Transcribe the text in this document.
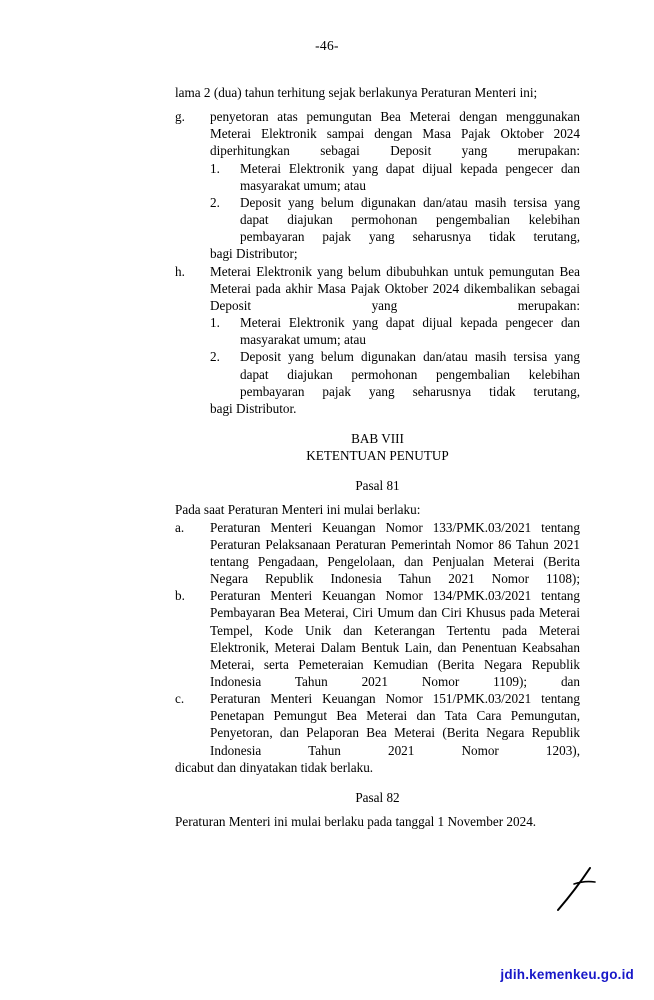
-46-
lama 2 (dua) tahun terhitung sejak berlakunya Peraturan Menteri ini;
g.	penyetoran atas pemungutan Bea Meterai dengan menggunakan Meterai Elektronik sampai dengan Masa Pajak Oktober 2024 diperhitungkan sebagai Deposit yang merupakan:
1.	Meterai Elektronik yang dapat dijual kepada pengecer dan masyarakat umum; atau
2.	Deposit yang belum digunakan dan/atau masih tersisa yang dapat diajukan permohonan pengembalian kelebihan pembayaran pajak yang seharusnya tidak terutang,
bagi Distributor;
h.	Meterai Elektronik yang belum dibubuhkan untuk pemungutan Bea Meterai pada akhir Masa Pajak Oktober 2024 dikembalikan sebagai Deposit yang merupakan:
1.	Meterai Elektronik yang dapat dijual kepada pengecer dan masyarakat umum; atau
2.	Deposit yang belum digunakan dan/atau masih tersisa yang dapat diajukan permohonan pengembalian kelebihan pembayaran pajak yang seharusnya tidak terutang,
bagi Distributor.
BAB VIII
KETENTUAN PENUTUP
Pasal 81
Pada saat Peraturan Menteri ini mulai berlaku:
a.	Peraturan Menteri Keuangan Nomor 133/PMK.03/2021 tentang Peraturan Pelaksanaan Peraturan Pemerintah Nomor 86 Tahun 2021 tentang Pengadaan, Pengelolaan, dan Penjualan Meterai (Berita Negara Republik Indonesia Tahun 2021 Nomor 1108);
b.	Peraturan Menteri Keuangan Nomor 134/PMK.03/2021 tentang Pembayaran Bea Meterai, Ciri Umum dan Ciri Khusus pada Meterai Tempel, Kode Unik dan Keterangan Tertentu pada Meterai Elektronik, Meterai Dalam Bentuk Lain, dan Penentuan Keabsahan Meterai, serta Pemeteraian Kemudian (Berita Negara Republik Indonesia Tahun 2021 Nomor 1109); dan
c.	Peraturan Menteri Keuangan Nomor 151/PMK.03/2021 tentang Penetapan Pemungut Bea Meterai dan Tata Cara Pemungutan, Penyetoran, dan Pelaporan Bea Meterai (Berita Negara Republik Indonesia Tahun 2021 Nomor 1203),
dicabut dan dinyatakan tidak berlaku.
Pasal 82
Peraturan Menteri ini mulai berlaku pada tanggal 1 November 2024.
jdih.kemenkeu.go.id
